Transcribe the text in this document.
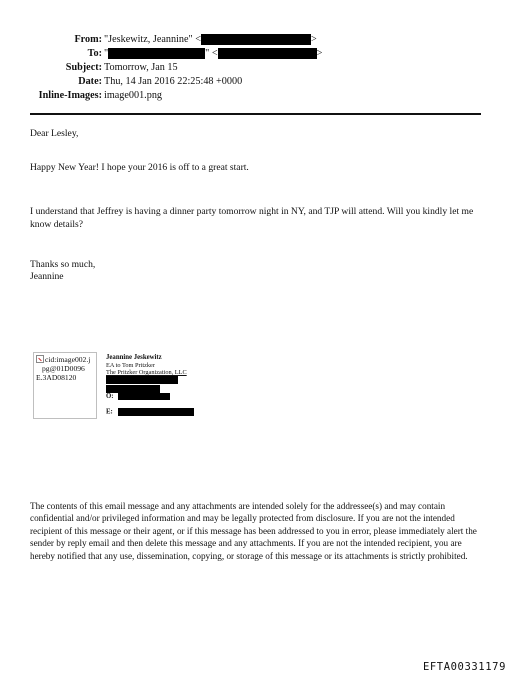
From: "Jeskewitz, Jeannine" <	>
To: "	" <	>
Subject: Tomorrow, Jan 15
Date: Thu, 14 Jan 2016 22:25:48 +0000
Inline-Images: image001.png
Dear Lesley,
Happy New Year! I hope your 2016 is off to a great start.
I understand that Jeffrey is having a dinner party tomorrow night in NY, and TJP will attend. Will you kindly let me know details?
Thanks so much,
Jeannine
cid:image002.j
pg@01D0096
E.3AD08120
Jeannine Jeskewitz
EA to Tom Pritzker
The Pritzker Organization, LLC
O:
E:
The contents of this email message and any attachments are intended solely for the addressee(s) and may contain confidential and/or privileged information and may be legally protected from disclosure. If you are not the intended recipient of this message or their agent, or if this message has been addressed to you in error, please immediately alert the sender by reply email and then delete this message and any attachments. If you are not the intended recipient, you are hereby notified that any use, dissemination, copying, or storage of this message or its attachments is strictly prohibited.
EFTA00331179
